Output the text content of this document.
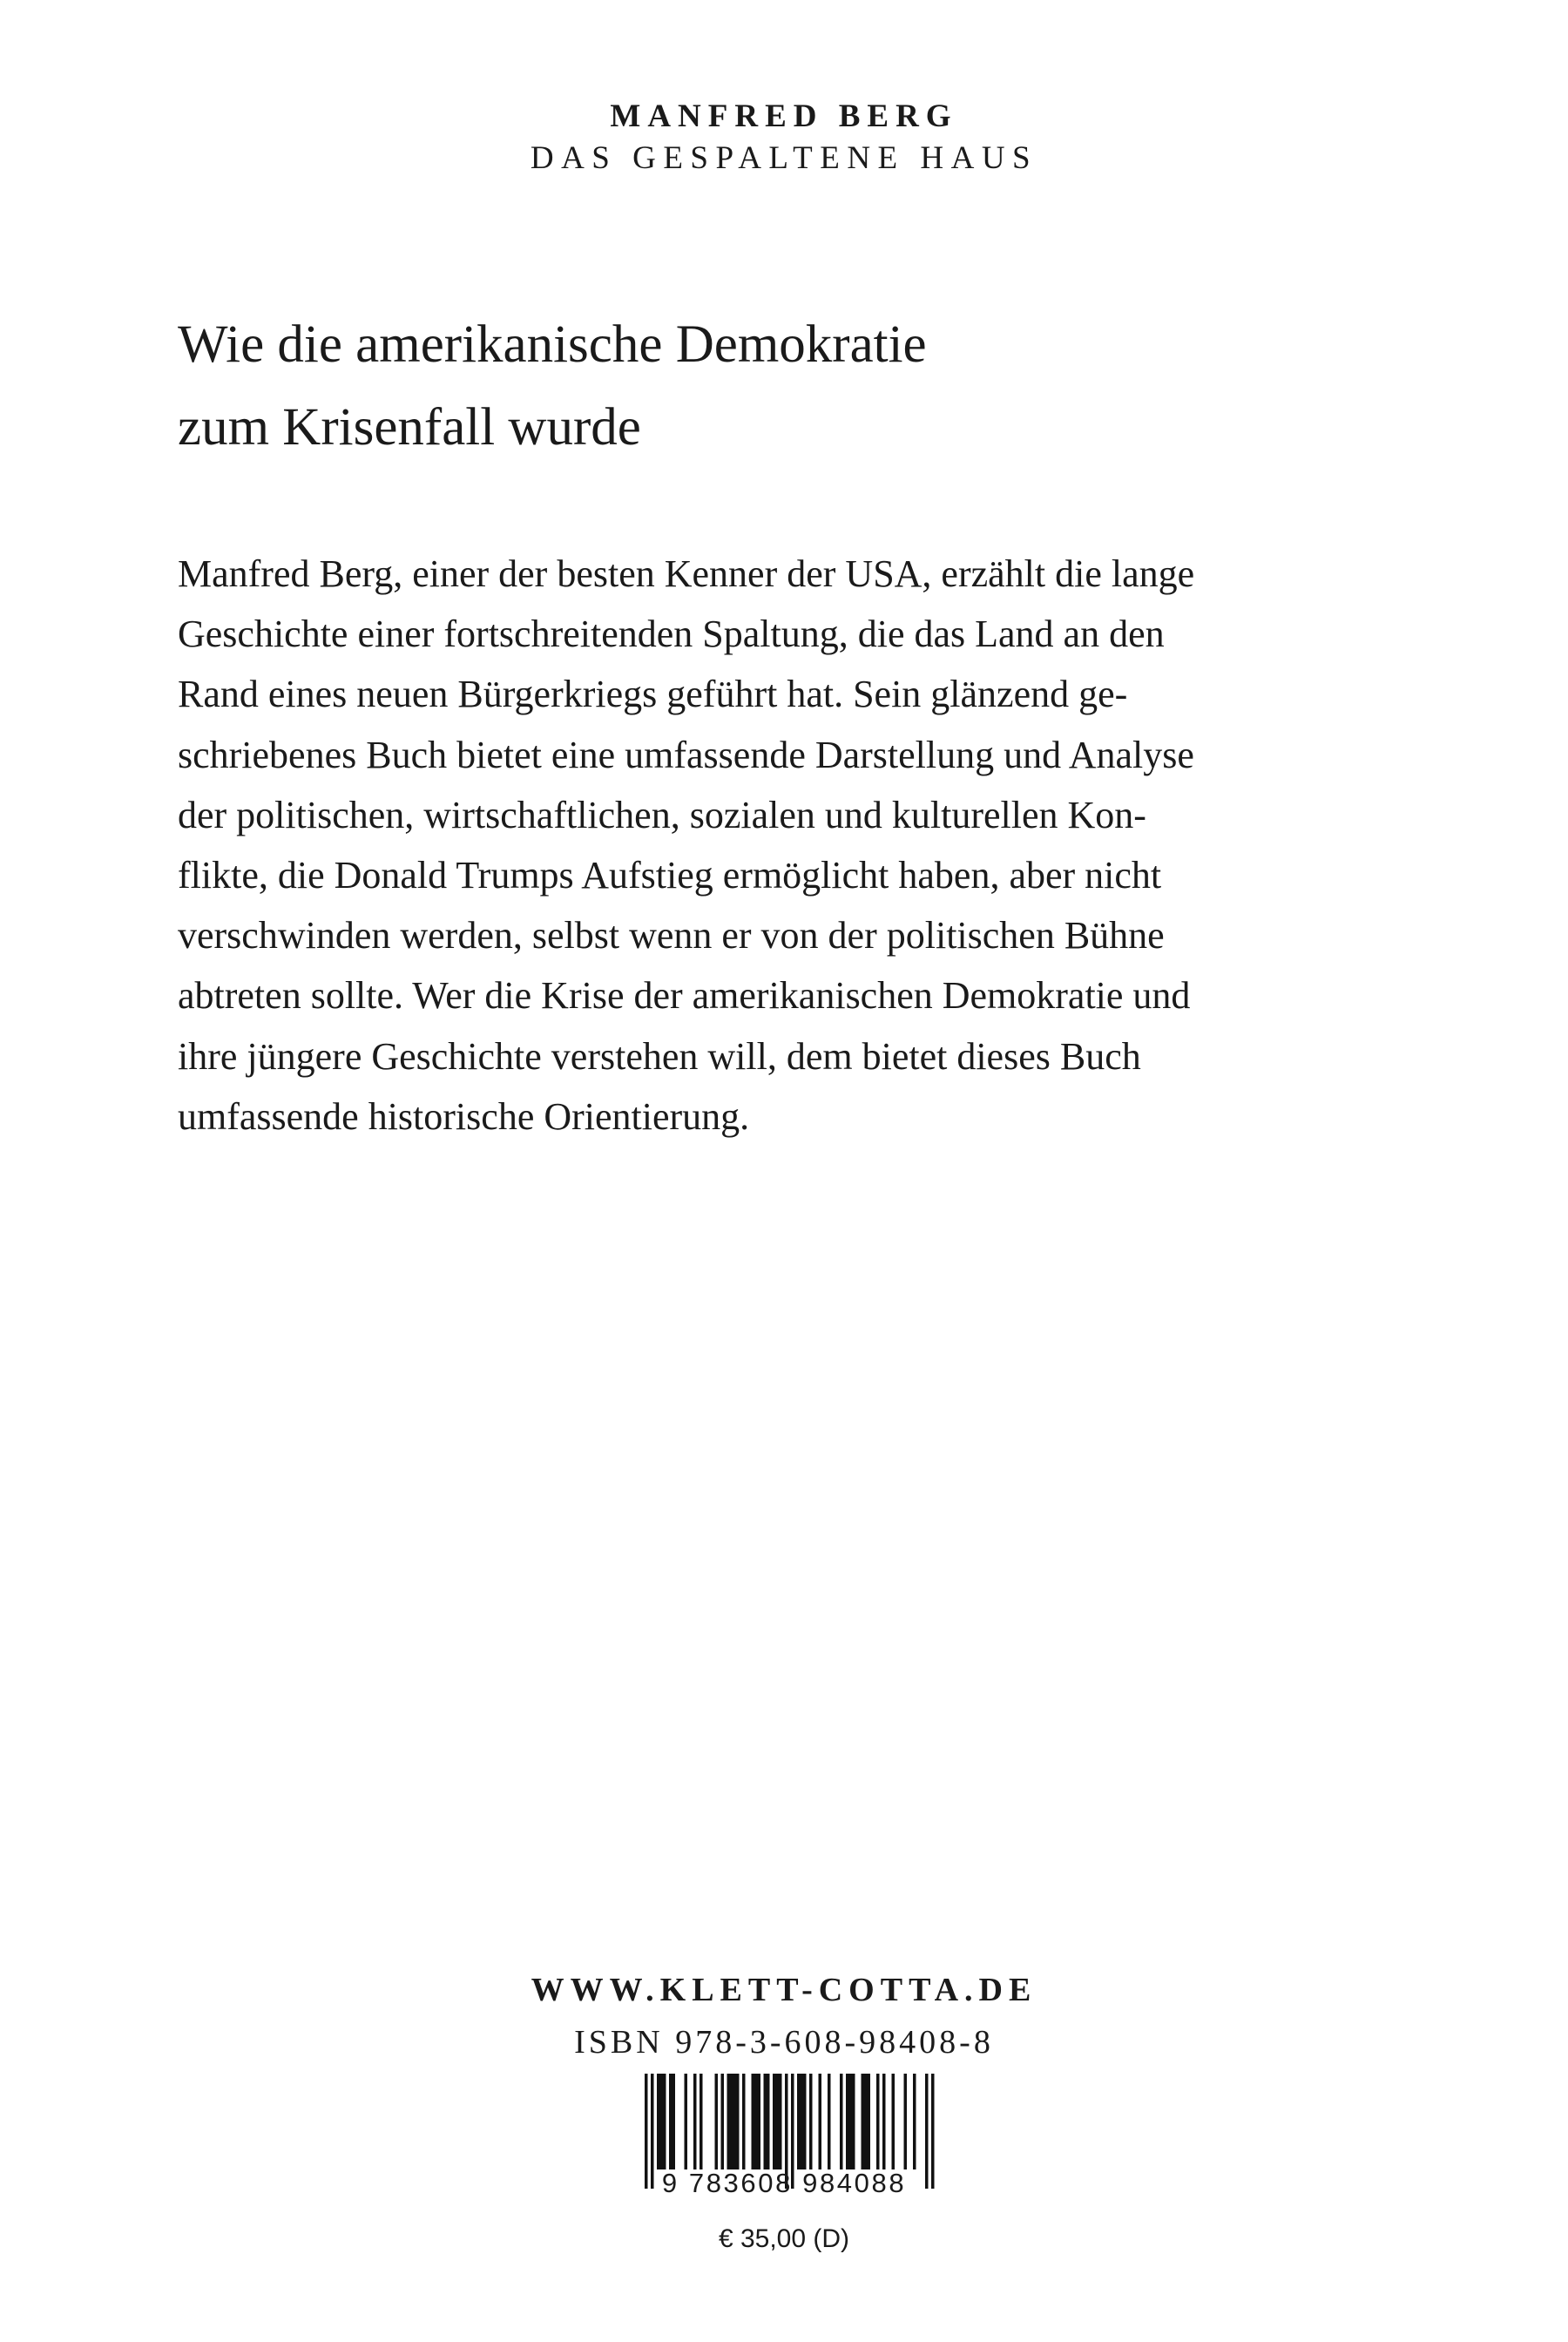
MANFRED BERG
DAS GESPALTENE HAUS
Wie die amerikanische Demokratie
zum Krisenfall wurde
Manfred Berg, einer der besten Kenner der USA, erzählt die lange
Geschichte einer fortschreitenden Spaltung, die das Land an den
Rand eines neuen Bürgerkriegs geführt hat. Sein glänzend ge-
schriebenes Buch bietet eine umfassende Darstellung und Analyse
der politischen, wirtschaftlichen, sozialen und kulturellen Kon-
flikte, die Donald Trumps Aufstieg ermöglicht haben, aber nicht
verschwinden werden, selbst wenn er von der politischen Bühne
abtreten sollte. Wer die Krise der amerikanischen Demokratie und
ihre jüngere Geschichte verstehen will, dem bietet dieses Buch
umfassende historische Orientierung.
WWW.KLETT-COTTA.DE
ISBN 978-3-608-98408-8
9 783608 984088
€ 35,00 (D)
